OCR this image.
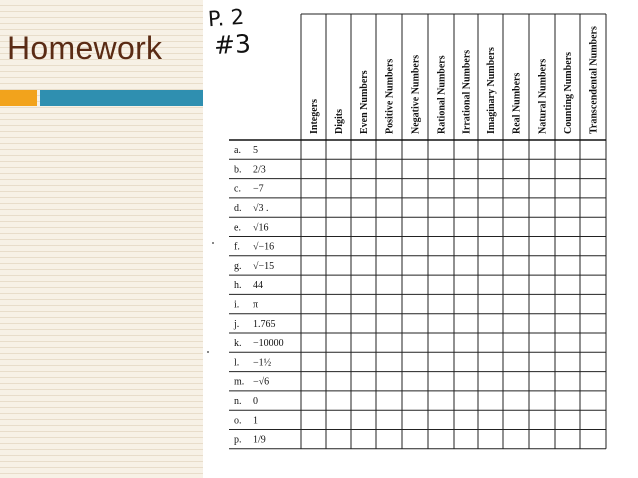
Homework
P. 2
#3
Integers Digits Even Numbers Positive Numbers Negative Numbers Rational Numbers Irrational Numbers Imaginary Numbers Real Numbers Natural Numbers Counting Numbers Transcendental Numbers
a. 5
b. 2/3
c. −7
d. √3 .
e. √16
f. √−16
g. √−15
h. 44
i. π
j. 1.765
k. −10000
l. −1½
m. −√6
n. 0
o. 1
p. 1/9
